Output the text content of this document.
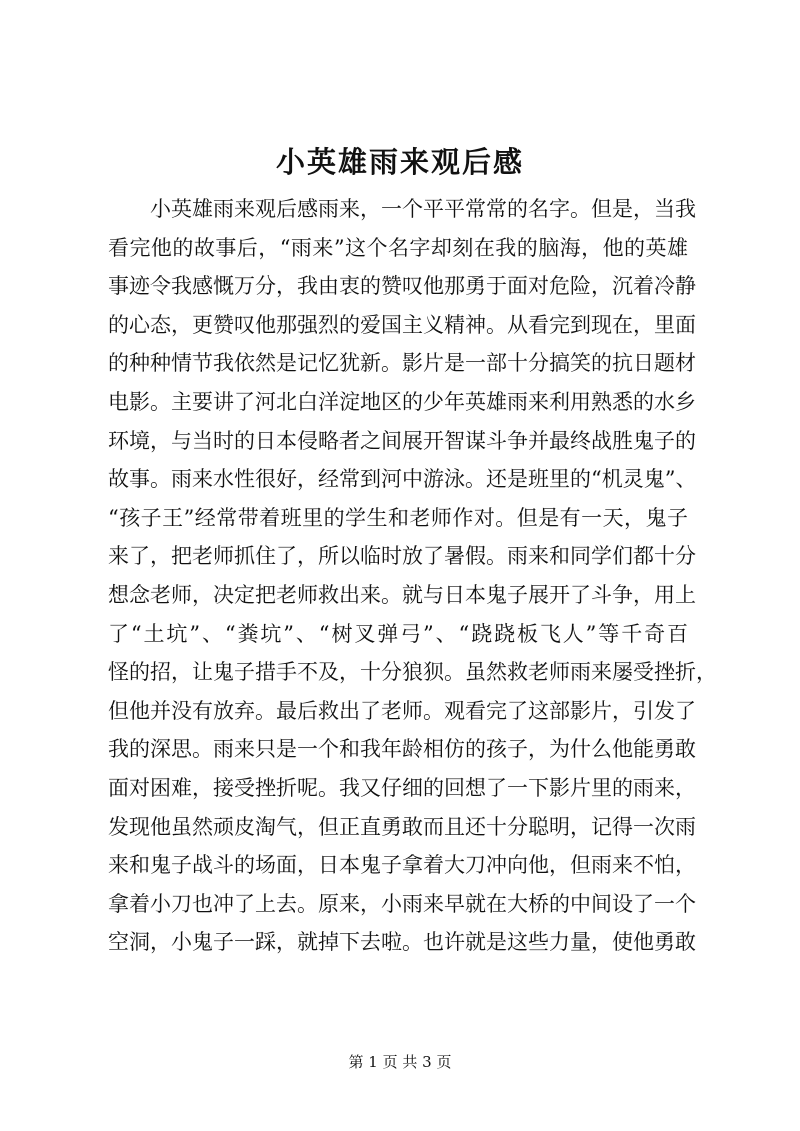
小英雄雨来观后感
小英雄雨来观后感雨来，一个平平常常的名字。但是，当我
看完他的故事后，“雨来”这个名字却刻在我的脑海，他的英雄
事迹令我感慨万分，我由衷的赞叹他那勇于面对危险，沉着冷静
的心态，更赞叹他那强烈的爱国主义精神。从看完到现在，里面
的种种情节我依然是记忆犹新。影片是一部十分搞笑的抗日题材
电影。主要讲了河北白洋淀地区的少年英雄雨来利用熟悉的水乡
环境，与当时的日本侵略者之间展开智谋斗争并最终战胜鬼子的
故事。雨来水性很好，经常到河中游泳。还是班里的“机灵鬼”、
“孩子王”经常带着班里的学生和老师作对。但是有一天，鬼子
来了，把老师抓住了，所以临时放了暑假。雨来和同学们都十分
想念老师，决定把老师救出来。就与日本鬼子展开了斗争，用上
了“土坑”、“粪坑”、“树叉弹弓”、“跷跷板飞人”等千奇百
怪的招，让鬼子措手不及，十分狼狈。虽然救老师雨来屡受挫折，
但他并没有放弃。最后救出了老师。观看完了这部影片，引发了
我的深思。雨来只是一个和我年龄相仿的孩子，为什么他能勇敢
面对困难，接受挫折呢。我又仔细的回想了一下影片里的雨来，
发现他虽然顽皮淘气，但正直勇敢而且还十分聪明，记得一次雨
来和鬼子战斗的场面，日本鬼子拿着大刀冲向他，但雨来不怕，
拿着小刀也冲了上去。原来，小雨来早就在大桥的中间设了一个
空洞，小鬼子一踩，就掉下去啦。也许就是这些力量，使他勇敢
第 1 页 共 3 页
